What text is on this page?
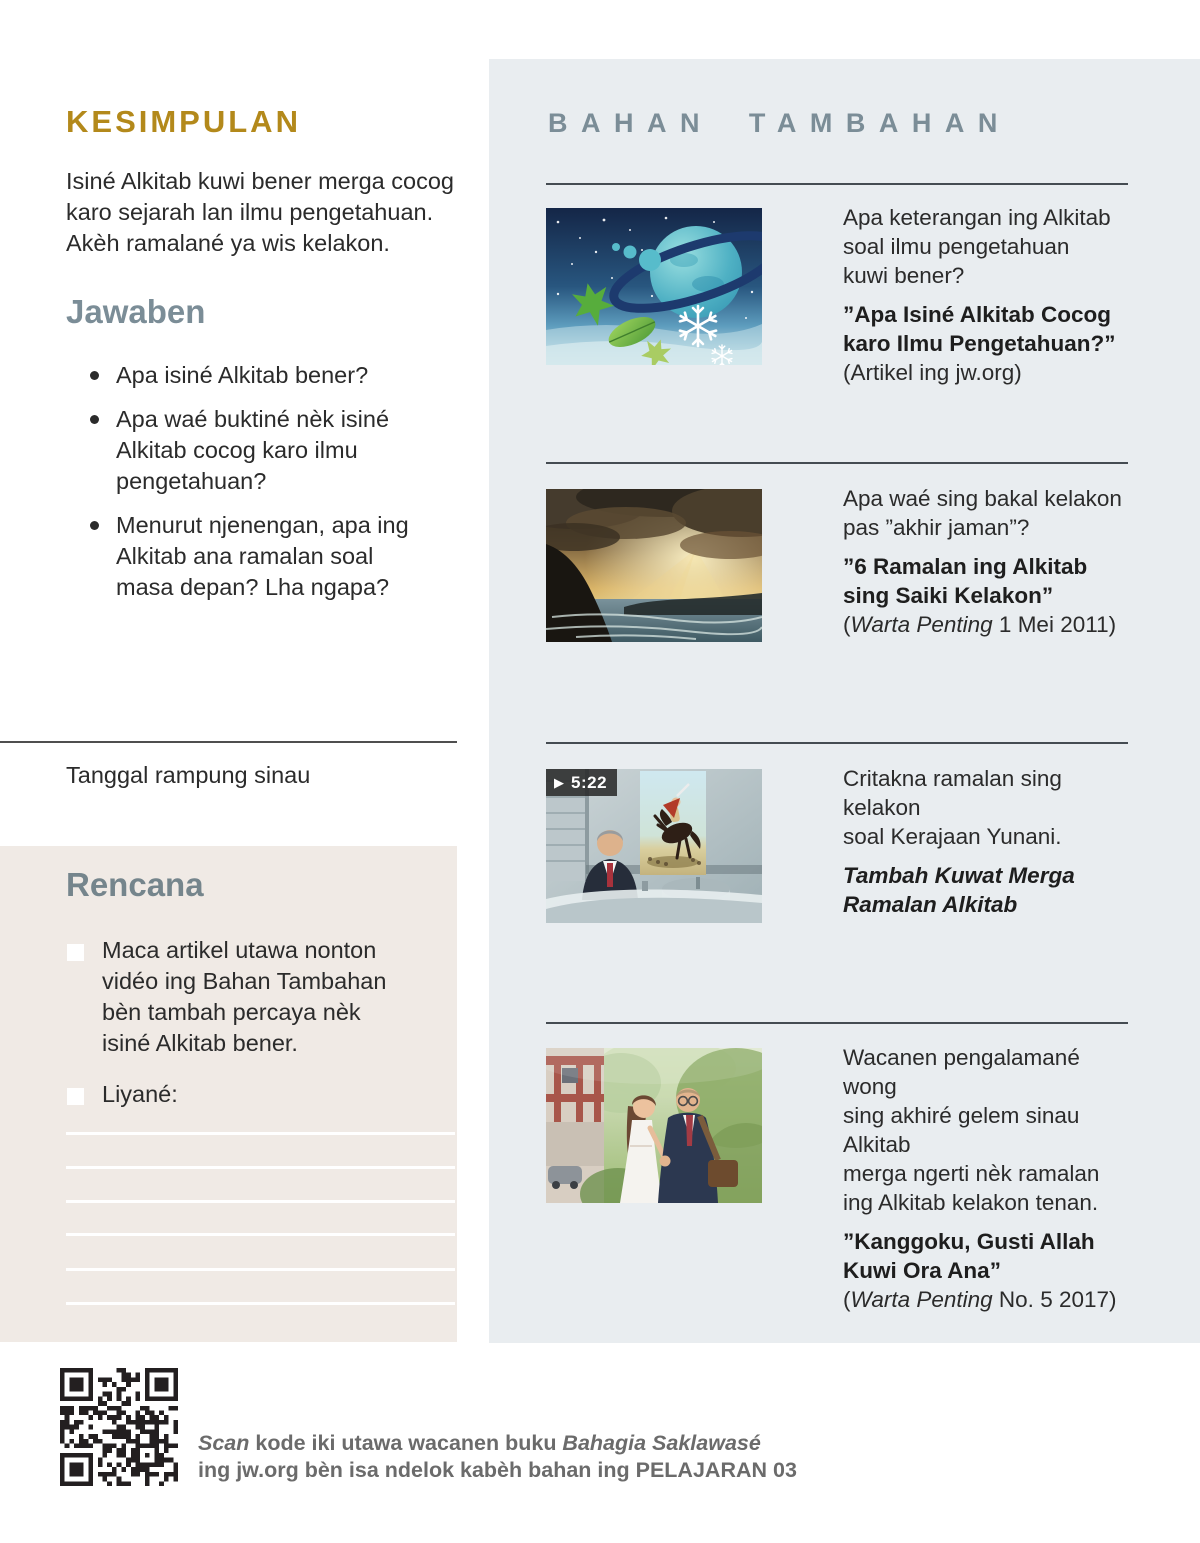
KESIMPULAN
Isiné Alkitab kuwi bener merga cocog
karo sejarah lan ilmu pengetahuan.
Akèh ramalané ya wis kelakon.
Jawaben
Apa isiné Alkitab bener?
Apa waé buktiné nèk isiné
Alkitab cocog karo ilmu
pengetahuan?
Menurut njenengan, apa ing
Alkitab ana ramalan soal
masa depan? Lha ngapa?
Tanggal rampung sinau
Rencana
Maca artikel utawa nonton
vidéo ing Bahan Tambahan
bèn tambah percaya nèk
isiné Alkitab bener.
Liyané:
BAHAN TAMBAHAN

Apa keterangan ing Alkitab
soal ilmu pengetahuan
kuwi bener?

”Apa Isiné Alkitab Cocog
karo Ilmu Pengetahuan?”
(Artikel ing jw.org)

Apa waé sing bakal kelakon
pas ”akhir jaman”?

”6 Ramalan ing Alkitab
sing Saiki Kelakon”
(Warta Penting 1 Mei 2011)
▶ 5:22	Critakna ramalan sing kelakon
soal Kerajaan Yunani.

Tambah Kuwat Merga
Ramalan Alkitab

Wacanen pengalamané wong
sing akhiré gelem sinau Alkitab
merga ngerti nèk ramalan
ing Alkitab kelakon tenan.

”Kanggoku, Gusti Allah
Kuwi Ora Ana”
(Warta Penting No. 5 2017)
Scan kode iki utawa wacanen buku Bahagia Saklawasé
ing jw.org bèn isa ndelok kabèh bahan ing PELAJARAN 03
